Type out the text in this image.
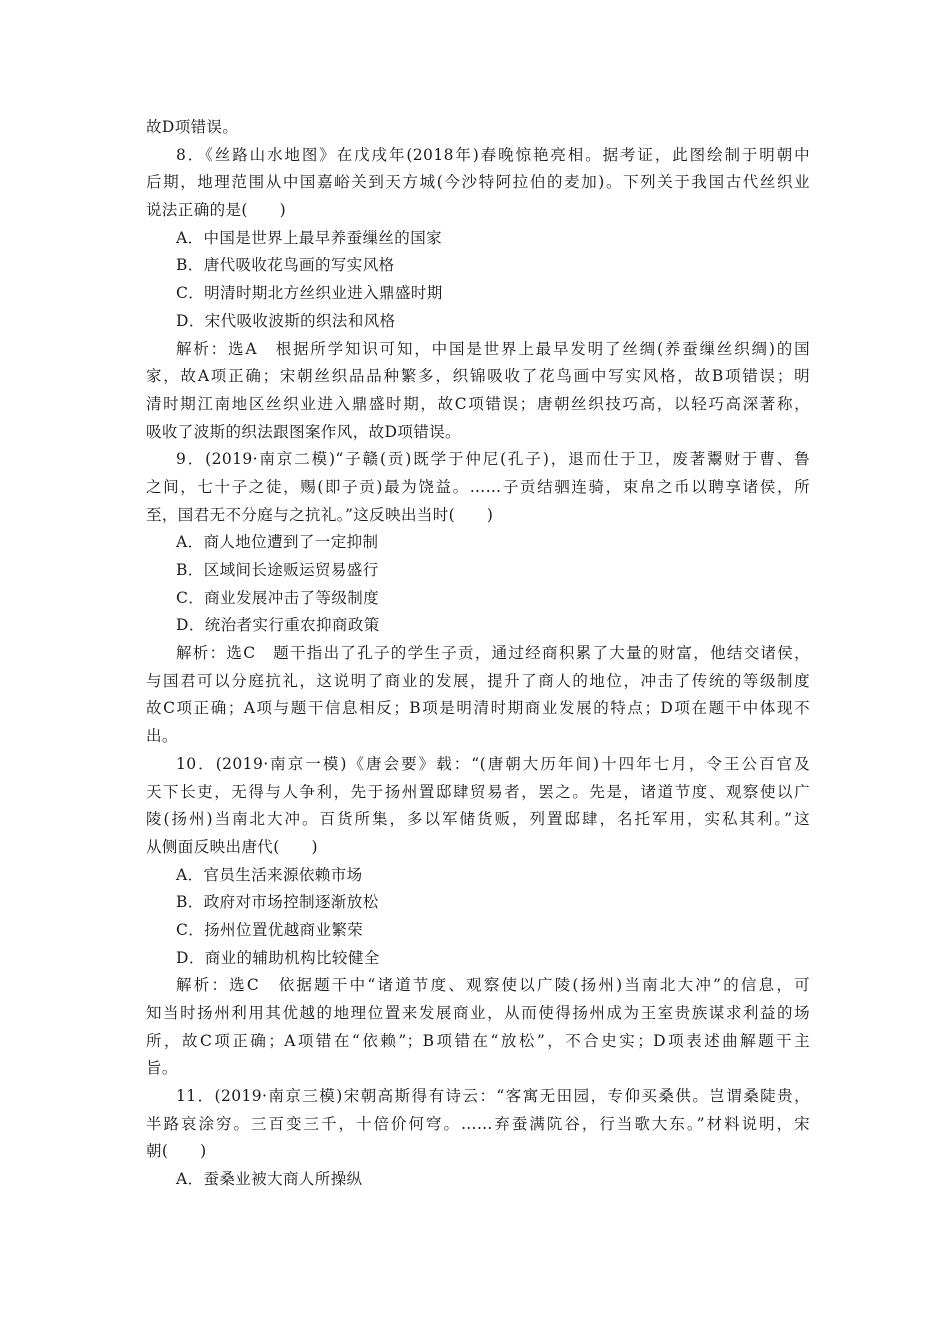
故D项错误。
8．《丝路山水地图》在戊戌年(2018年)春晚惊艳亮相。据考证，此图绘制于明朝中
后期，地理范围从中国嘉峪关到天方城(今沙特阿拉伯的麦加)。下列关于我国古代丝织业
说法正确的是(　　)
A．中国是世界上最早养蚕缫丝的国家
B．唐代吸收花鸟画的写实风格
C．明清时期北方丝织业进入鼎盛时期
D．宋代吸收波斯的织法和风格
解析：选A　根据所学知识可知，中国是世界上最早发明了丝绸(养蚕缫丝织绸)的国
家，故A项正确；宋朝丝织品品种繁多，织锦吸收了花鸟画中写实风格，故B项错误；明
清时期江南地区丝织业进入鼎盛时期，故C项错误；唐朝丝织技巧高，以轻巧高深著称，
吸收了波斯的织法跟图案作风，故D项错误。
9．(2019·南京二模)“子赣(贡)既学于仲尼(孔子)，退而仕于卫，废著鬻财于曹、鲁
之间，七十子之徒，赐(即子贡)最为饶益。……子贡结驷连骑，束帛之币以聘享诸侯，所
至，国君无不分庭与之抗礼。”这反映出当时(　　)
A．商人地位遭到了一定抑制
B．区域间长途贩运贸易盛行
C．商业发展冲击了等级制度
D．统治者实行重农抑商政策
解析：选C　题干指出了孔子的学生子贡，通过经商积累了大量的财富，他结交诸侯，
与国君可以分庭抗礼，这说明了商业的发展，提升了商人的地位，冲击了传统的等级制度
故C项正确；A项与题干信息相反；B项是明清时期商业发展的特点；D项在题干中体现不
出。
10．(2019·南京一模)《唐会要》载：“(唐朝大历年间)十四年七月，令王公百官及
天下长吏，无得与人争利，先于扬州置邸肆贸易者，罢之。先是，诸道节度、观察使以广
陵(扬州)当南北大冲。百货所集，多以军储货贩，列置邸肆，名托军用，实私其利。”这
从侧面反映出唐代(　　)
A．官员生活来源依赖市场
B．政府对市场控制逐渐放松
C．扬州位置优越商业繁荣
D．商业的辅助机构比较健全
解析：选C　依据题干中“诸道节度、观察使以广陵(扬州)当南北大冲”的信息，可
知当时扬州利用其优越的地理位置来发展商业，从而使得扬州成为王室贵族谋求利益的场
所，故C项正确；A项错在“依赖”；B项错在“放松”，不合史实；D项表述曲解题干主
旨。
11．(2019·南京三模)宋朝高斯得有诗云：“客寓无田园，专仰买桑供。岂谓桑陡贵，
半路哀涂穷。三百变三千，十倍价何穹。……弃蚕满阬谷，行当歌大东。”材料说明，宋
朝(　　)
A．蚕桑业被大商人所操纵
